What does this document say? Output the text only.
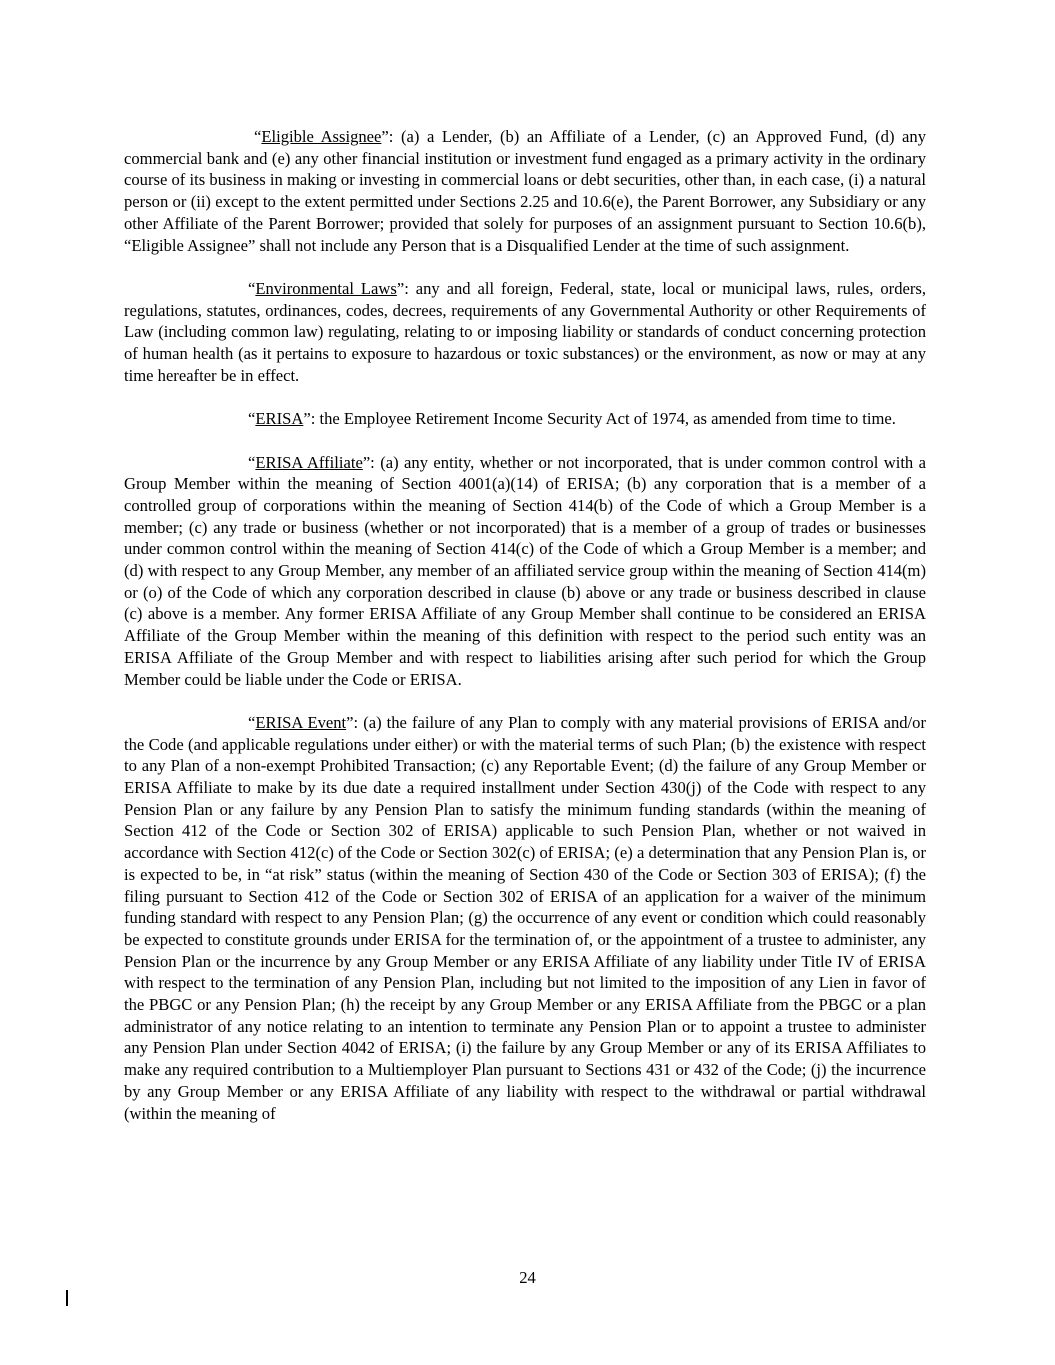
“Eligible Assignee”: (a) a Lender, (b) an Affiliate of a Lender, (c) an Approved Fund, (d) any commercial bank and (e) any other financial institution or investment fund engaged as a primary activity in the ordinary course of its business in making or investing in commercial loans or debt securities, other than, in each case, (i) a natural person or (ii) except to the extent permitted under Sections 2.25 and 10.6(e), the Parent Borrower, any Subsidiary or any other Affiliate of the Parent Borrower; provided that solely for purposes of an assignment pursuant to Section 10.6(b), “Eligible Assignee” shall not include any Person that is a Disqualified Lender at the time of such assignment.

“Environmental Laws”: any and all foreign, Federal, state, local or municipal laws, rules, orders, regulations, statutes, ordinances, codes, decrees, requirements of any Governmental Authority or other Requirements of Law (including common law) regulating, relating to or imposing liability or standards of conduct concerning protection of human health (as it pertains to exposure to hazardous or toxic substances) or the environment, as now or may at any time hereafter be in effect.

“ERISA”: the Employee Retirement Income Security Act of 1974, as amended from time to time.

“ERISA Affiliate”: (a) any entity, whether or not incorporated, that is under common control with a Group Member within the meaning of Section 4001(a)(14) of ERISA; (b) any corporation that is a member of a controlled group of corporations within the meaning of Section 414(b) of the Code of which a Group Member is a member; (c) any trade or business (whether or not incorporated) that is a member of a group of trades or businesses under common control within the meaning of Section 414(c) of the Code of which a Group Member is a member; and (d) with respect to any Group Member, any member of an affiliated service group within the meaning of Section 414(m) or (o) of the Code of which any corporation described in clause (b) above or any trade or business described in clause (c) above is a member. Any former ERISA Affiliate of any Group Member shall continue to be considered an ERISA Affiliate of the Group Member within the meaning of this definition with respect to the period such entity was an ERISA Affiliate of the Group Member and with respect to liabilities arising after such period for which the Group Member could be liable under the Code or ERISA.

“ERISA Event”: (a) the failure of any Plan to comply with any material provisions of ERISA and/or the Code (and applicable regulations under either) or with the material terms of such Plan; (b) the existence with respect to any Plan of a non-exempt Prohibited Transaction; (c) any Reportable Event; (d) the failure of any Group Member or ERISA Affiliate to make by its due date a required installment under Section 430(j) of the Code with respect to any Pension Plan or any failure by any Pension Plan to satisfy the minimum funding standards (within the meaning of Section 412 of the Code or Section 302 of ERISA) applicable to such Pension Plan, whether or not waived in accordance with Section 412(c) of the Code or Section 302(c) of ERISA; (e) a determination that any Pension Plan is, or is expected to be, in “at risk” status (within the meaning of Section 430 of the Code or Section 303 of ERISA); (f) the filing pursuant to Section 412 of the Code or Section 302 of ERISA of an application for a waiver of the minimum funding standard with respect to any Pension Plan; (g) the occurrence of any event or condition which could reasonably be expected to constitute grounds under ERISA for the termination of, or the appointment of a trustee to administer, any Pension Plan or the incurrence by any Group Member or any ERISA Affiliate of any liability under Title IV of ERISA with respect to the termination of any Pension Plan, including but not limited to the imposition of any Lien in favor of the PBGC or any Pension Plan; (h) the receipt by any Group Member or any ERISA Affiliate from the PBGC or a plan administrator of any notice relating to an intention to terminate any Pension Plan or to appoint a trustee to administer any Pension Plan under Section 4042 of ERISA; (i) the failure by any Group Member or any of its ERISA Affiliates to make any required contribution to a Multiemployer Plan pursuant to Sections 431 or 432 of the Code; (j) the incurrence by any Group Member or any ERISA Affiliate of any liability with respect to the withdrawal or partial withdrawal (within the meaning of

24
